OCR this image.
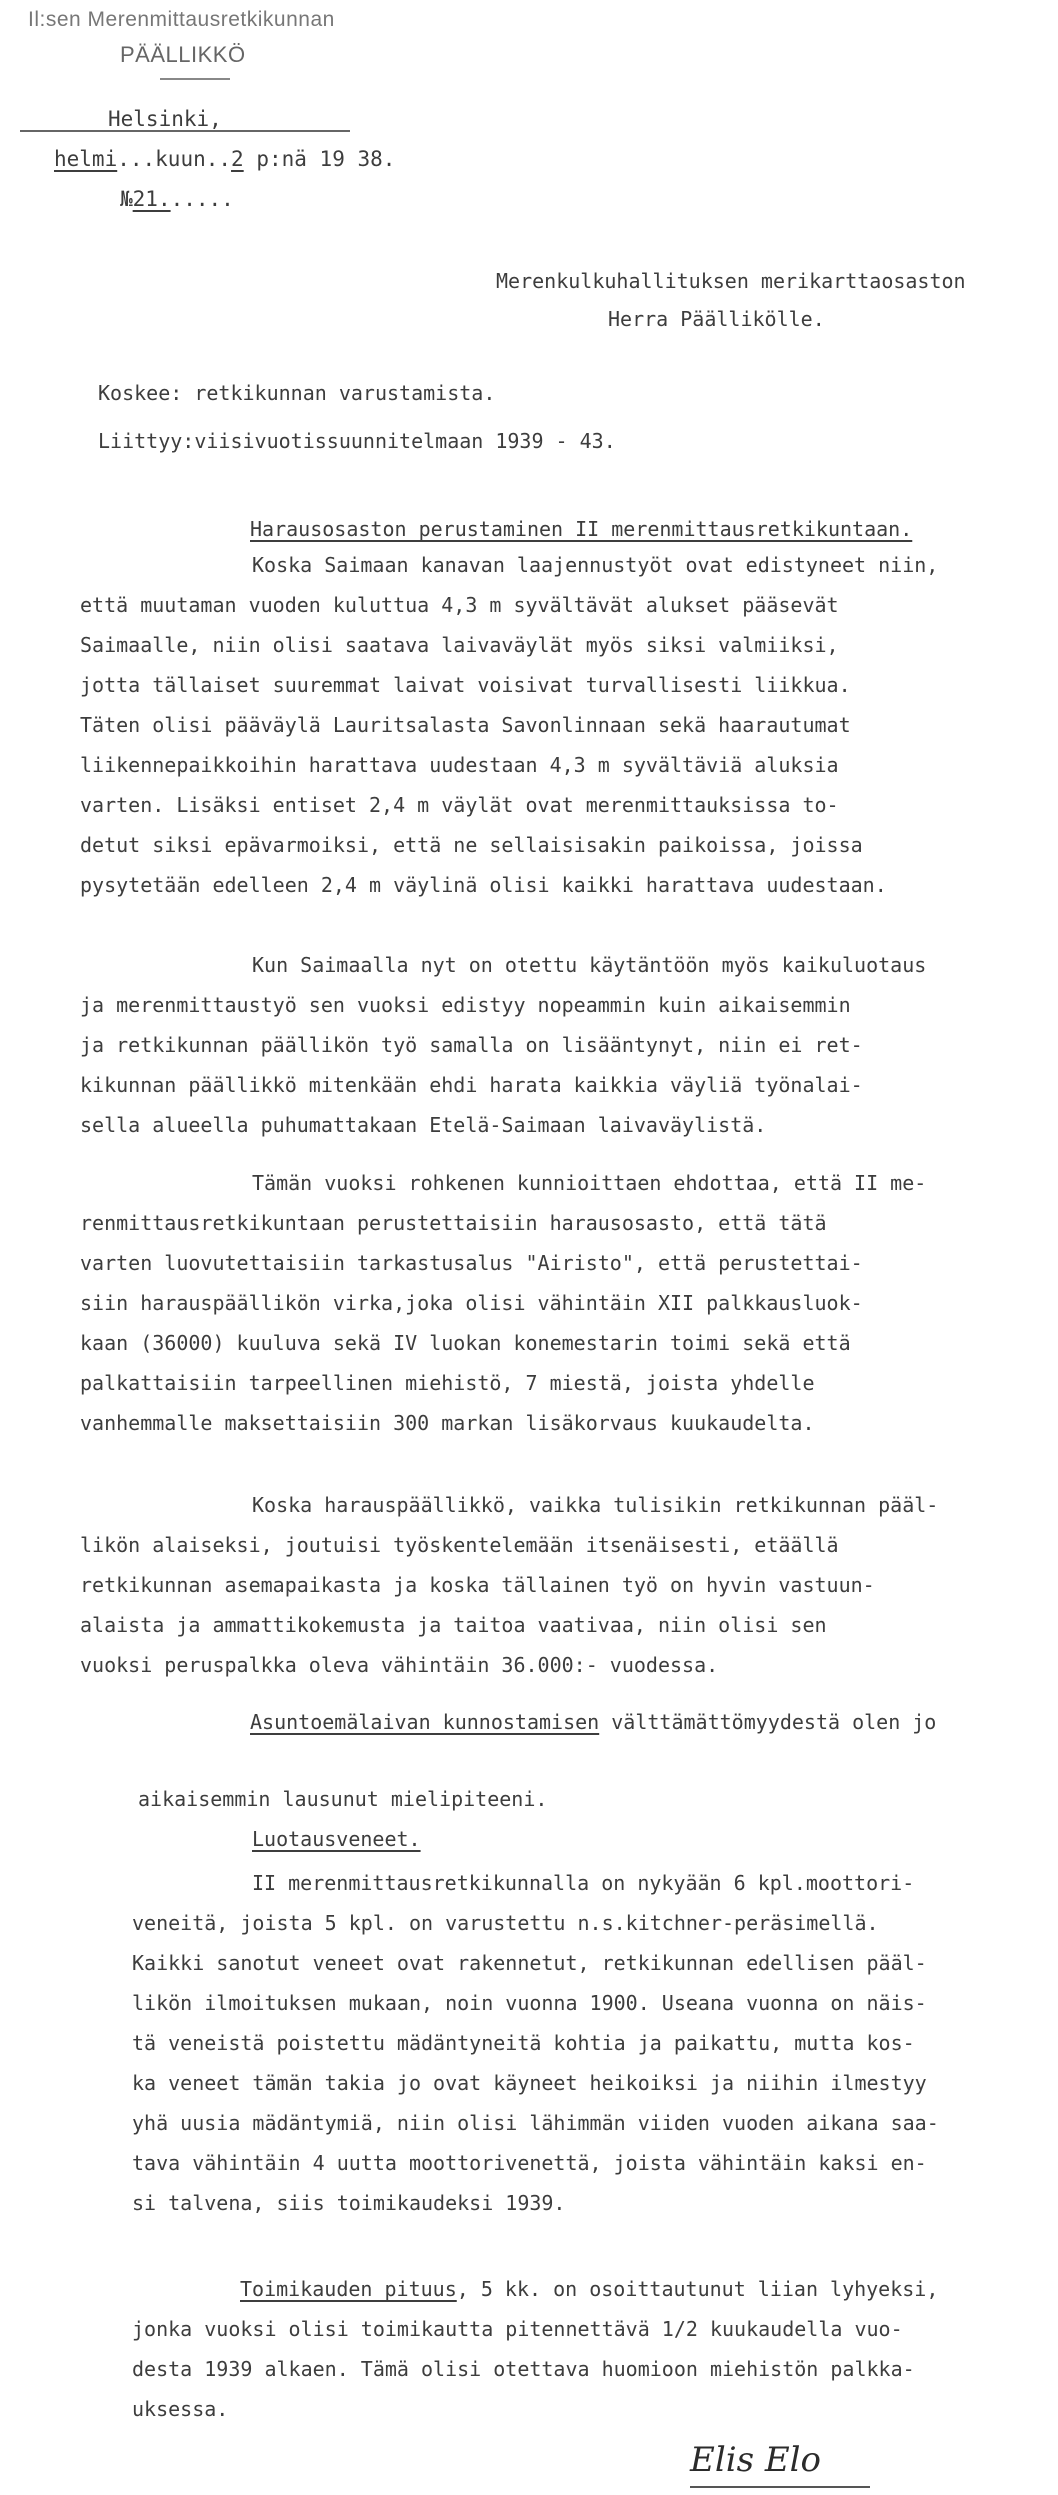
Il:sen Merenmittausretkikunnan
PÄÄLLIKKÖ
Helsinki,
helmi...kuun..2 p:nä 19 38.
№21......
Merenkulkuhallituksen merikarttaosaston
Herra Päällikölle.
Koskee: retkikunnan varustamista.
Liittyy:viisivuotissuunnitelmaan 1939 - 43.
Harausosaston perustaminen II merenmittausretkikuntaan.
Asuntoemälaivan kunnostamisen välttämättömyydestä olen jo
aikaisemmin lausunut mielipiteeni.
Luotausveneet.
Toimikauden pituus, 5 kk. on osoittautunut liian lyhyeksi,
Elis Elo
Koska Saimaan kanavan laajennustyöt ovat edistyneet niin,
että muutaman vuoden kuluttua 4,3 m syvältävät alukset pääsevät
Saimaalle, niin olisi saatava laivaväylät myös siksi valmiiksi,
jotta tällaiset suuremmat laivat voisivat turvallisesti liikkua.
Täten olisi pääväylä Lauritsalasta Savonlinnaan sekä haarautumat
liikennepaikkoihin harattava uudestaan 4,3 m syvältäviä aluksia
varten. Lisäksi entiset 2,4 m väylät ovat merenmittauksissa to-
detut siksi epävarmoiksi, että ne sellaisisakin paikoissa, joissa
pysytetään edelleen 2,4 m väylinä olisi kaikki harattava uudestaan.
Kun Saimaalla nyt on otettu käytäntöön myös kaikuluotaus
ja merenmittaustyö sen vuoksi edistyy nopeammin kuin aikaisemmin
ja retkikunnan päällikön työ samalla on lisääntynyt, niin ei ret-
kikunnan päällikkö mitenkään ehdi harata kaikkia väyliä työnalai-
sella alueella puhumattakaan Etelä-Saimaan laivaväylistä.
Tämän vuoksi rohkenen kunnioittaen ehdottaa, että II me-
renmittausretkikuntaan perustettaisiin harausosasto, että tätä
varten luovutettaisiin tarkastusalus "Airisto", että perustettai-
siin harauspäällikön virka,joka olisi vähintäin XII palkkausluok-
kaan (36000) kuuluva sekä IV luokan konemestarin toimi sekä että
palkattaisiin tarpeellinen miehistö, 7 miestä, joista yhdelle
vanhemmalle maksettaisiin 300 markan lisäkorvaus kuukaudelta.
Koska harauspäällikkö, vaikka tulisikin retkikunnan pääl-
likön alaiseksi, joutuisi työskentelemään itsenäisesti, etäällä
retkikunnan asemapaikasta ja koska tällainen työ on hyvin vastuun-
alaista ja ammattikokemusta ja taitoa vaativaa, niin olisi sen
vuoksi peruspalkka oleva vähintäin 36.000:- vuodessa.
II merenmittausretkikunnalla on nykyään 6 kpl.moottori-
veneitä, joista 5 kpl. on varustettu n.s.kitchner-peräsimellä.
Kaikki sanotut veneet ovat rakennetut, retkikunnan edellisen pääl-
likön ilmoituksen mukaan, noin vuonna 1900. Useana vuonna on näis-
tä veneistä poistettu mädäntyneitä kohtia ja paikattu, mutta kos-
ka veneet tämän takia jo ovat käyneet heikoiksi ja niihin ilmestyy
yhä uusia mädäntymiä, niin olisi lähimmän viiden vuoden aikana saa-
tava vähintäin 4 uutta moottorivenettä, joista vähintäin kaksi en-
si talvena, siis toimikaudeksi 1939.
jonka vuoksi olisi toimikautta pitennettävä 1/2 kuukaudella vuo-
desta 1939 alkaen. Tämä olisi otettava huomioon miehistön palkka-
uksessa.
